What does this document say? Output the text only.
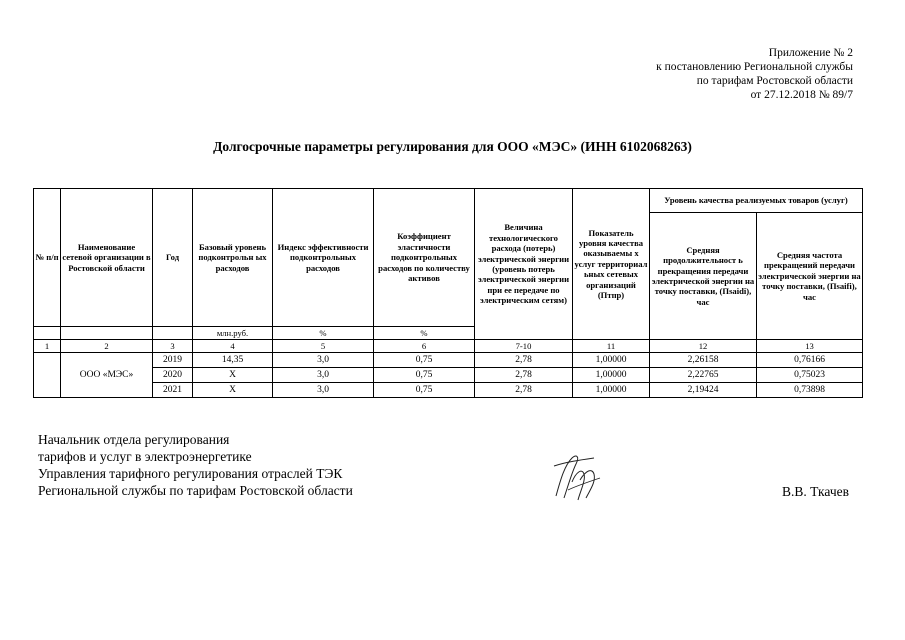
Приложение № 2
к постановлению Региональной службы
по тарифам Ростовской области
от 27.12.2018 № 89/7
Долгосрочные параметры регулирования для ООО «МЭС» (ИНН 6102068263)
№ п/п	Наименование сетевой организации в Ростовской области	Год	Базовый уровень подконтрольн ых расходов	Индекс эффективности подконтрольных расходов	Коэффициент эластичности подконтрольных расходов по количеству активов	Величина технологического расхода (потерь) электрической энергии (уровень потерь электрической энергии при ее передаче по электрическим сетям)	Показатель уровня качества оказываемы х услуг территориал ьных сетевых организаций (Птпр)	Уровень качества реализуемых товаров (услуг)	
								Средняя продолжительност ь прекращения передачи электрической энергии на точку поставки, (Пsaidi), час	Средняя частота прекращений передачи электрической энергии на точку поставки, (Пsaifi), час
			млн.руб.	%	%				
1	2	3	4	5	6	7-10	11	12	13
	ООО «МЭС»	2019	14,35	3,0	0,75	2,78	1,00000	2,26158	0,76166
		2020	X	3,0	0,75	2,78	1,00000	2,22765	0,75023
		2021	X	3,0	0,75	2,78	1,00000	2,19424	0,73898
Начальник отдела регулирования
тарифов и услуг в электроэнергетике
Управления тарифного регулирования отраслей ТЭК
Региональной службы по тарифам Ростовской области	В.В. Ткачев
